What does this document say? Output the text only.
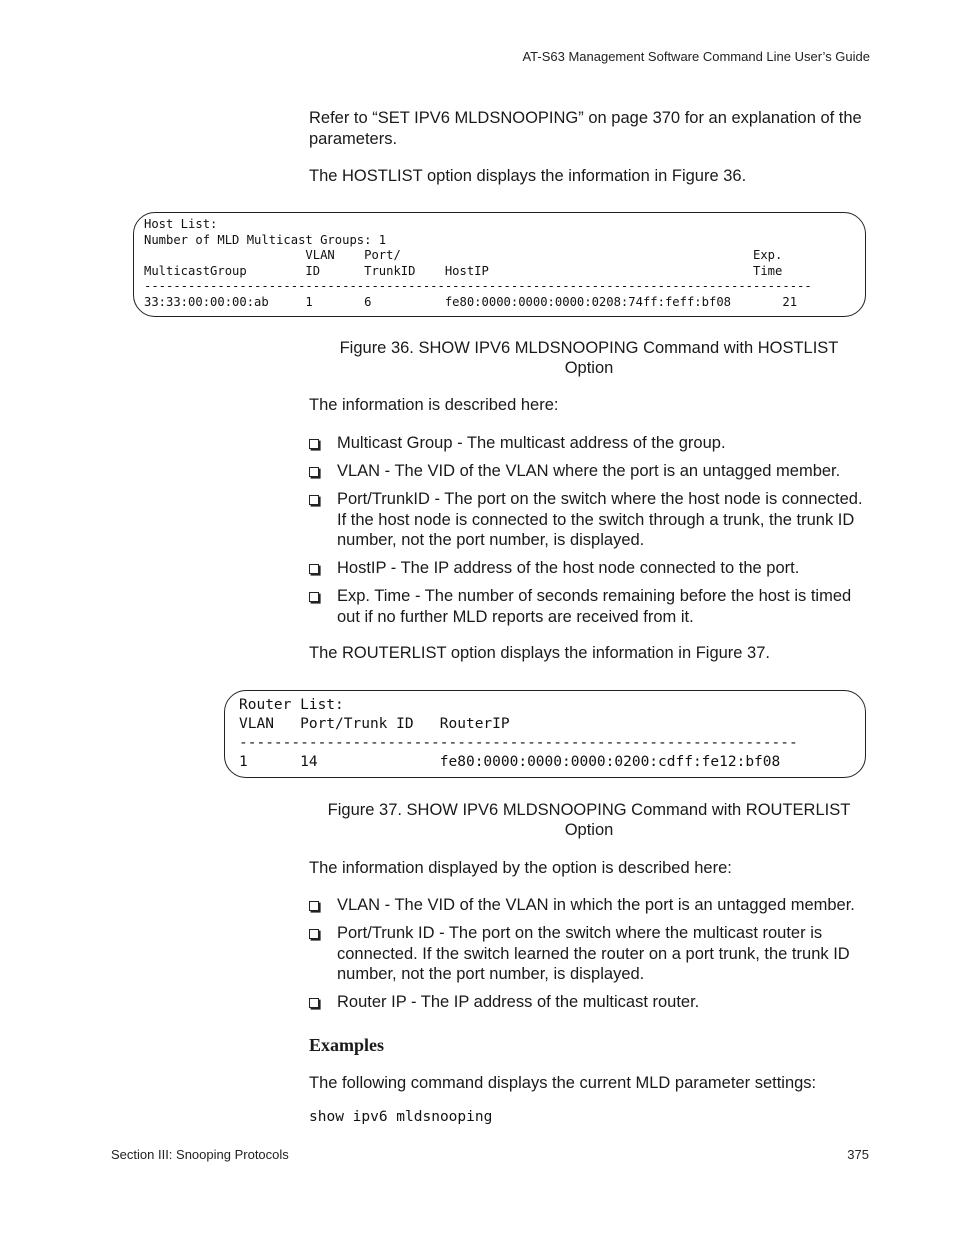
AT-S63 Management Software Command Line User’s Guide
Refer to “SET IPV6 MLDSNOOPING” on page 370 for an explanation of the parameters.
The HOSTLIST option displays the information in Figure 36.
Host List:
Number of MLD Multicast Groups: 1
VLAN    Port/                                                Exp.
MulticastGroup        ID      TrunkID    HostIP                                    Time
-------------------------------------------------------------------------------------------
33:33:00:00:00:ab     1       6          fe80:0000:0000:0000:0208:74ff:feff:bf08       21
Figure 36. SHOW IPV6 MLDSNOOPING Command with HOSTLIST Option
The information is described here:
Multicast Group - The multicast address of the group.
VLAN - The VID of the VLAN where the port is an untagged member.
Port/TrunkID - The port on the switch where the host node is connected. If the host node is connected to the switch through a trunk, the trunk ID number, not the port number, is displayed.
HostIP - The IP address of the host node connected to the port.
Exp. Time - The number of seconds remaining before the host is timed out if no further MLD reports are received from it.
The ROUTERLIST option displays the information in Figure 37.
Router List:
VLAN   Port/Trunk ID   RouterIP
----------------------------------------------------------------
1      14              fe80:0000:0000:0000:0200:cdff:fe12:bf08
Figure 37. SHOW IPV6 MLDSNOOPING Command with ROUTERLIST Option
The information displayed by the option is described here:
VLAN - The VID of the VLAN in which the port is an untagged member.
Port/Trunk ID - The port on the switch where the multicast router is connected. If the switch learned the router on a port trunk, the trunk ID number, not the port number, is displayed.
Router IP - The IP address of the multicast router.
Examples
The following command displays the current MLD parameter settings:
show ipv6 mldsnooping
Section III: Snooping Protocols	375
